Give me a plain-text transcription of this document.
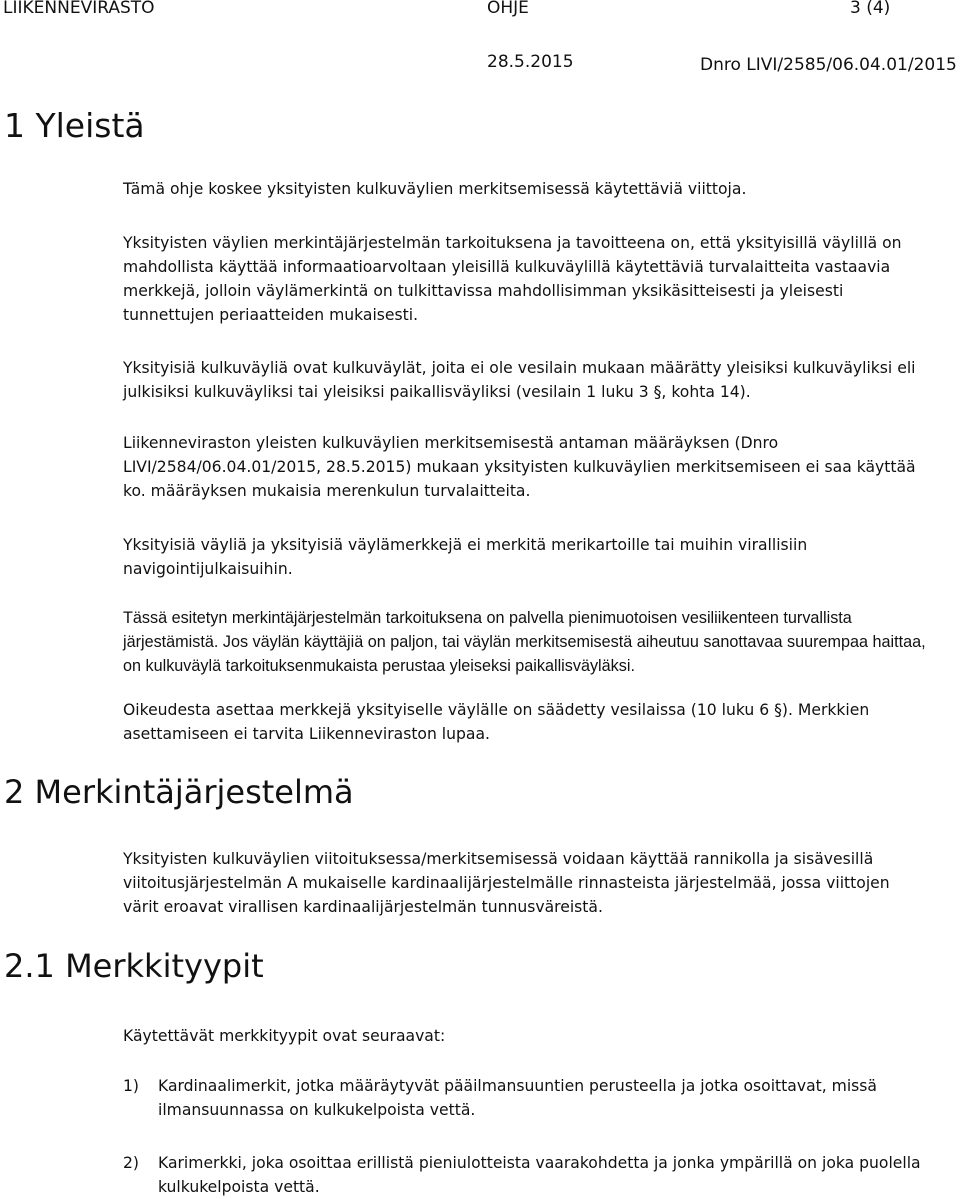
LIIKENNEVIRASTO	OHJE	3 (4)
28.5.2015	Dnro LIVI/2585/06.04.01/2015
1 Yleistä

Tämä ohje koskee yksityisten kulkuväylien merkitsemisessä käytettäviä viittoja.

Yksityisten väylien merkintäjärjestelmän tarkoituksena ja tavoitteena on, että yksityisillä väylillä on mahdollista käyttää informaatioarvoltaan yleisillä kulkuväylillä käytettäviä turvalaitteita vastaavia merkkejä, jolloin väylämerkintä on tulkittavissa mahdollisimman yksikäsitteisesti ja yleisesti tunnettujen periaatteiden mukaisesti.

Yksityisiä kulkuväyliä ovat kulkuväylät, joita ei ole vesilain mukaan määrätty yleisiksi kulkuväyliksi eli julkisiksi kulkuväyliksi tai yleisiksi paikallisväyliksi (vesilain 1 luku 3 §, kohta 14).

Liikenneviraston yleisten kulkuväylien merkitsemisestä antaman määräyksen (Dnro LIVI/2584/06.04.01/2015, 28.5.2015) mukaan yksityisten kulkuväylien merkitsemiseen ei saa käyttää ko. määräyksen mukaisia merenkulun turvalaitteita.

Yksityisiä väyliä ja yksityisiä väylämerkkejä ei merkitä merikartoille tai muihin virallisiin navigointijulkaisuihin.

Tässä esitetyn merkintäjärjestelmän tarkoituksena on palvella pienimuotoisen vesiliikenteen turvallista järjestämistä. Jos väylän käyttäjiä on paljon, tai väylän merkitsemisestä aiheutuu sanottavaa suurempaa haittaa, on kulkuväylä tarkoituksenmukaista perustaa yleiseksi paikallisväyläksi.

Oikeudesta asettaa merkkejä yksityiselle väylälle on säädetty vesilaissa (10 luku 6 §). Merkkien asettamiseen ei tarvita Liikenneviraston lupaa.

2 Merkintäjärjestelmä

Yksityisten kulkuväylien viitoituksessa/merkitsemisessä voidaan käyttää rannikolla ja sisävesillä viitoitusjärjestelmän A mukaiselle kardinaalijärjestelmälle rinnasteista järjestelmää, jossa viittojen värit eroavat virallisen kardinaalijärjestelmän tunnusväreistä.

2.1 Merkkityypit

Käytettävät merkkityypit ovat seuraavat:

1) Kardinaalimerkit, jotka määräytyvät pääilmansuuntien perusteella ja jotka osoittavat, missä ilmansuunnassa on kulkukelpoista vettä.
2) Karimerkki, joka osoittaa erillistä pieniulotteista vaarakohdetta ja jonka ympärillä on joka puolella kulkukelpoista vettä.
